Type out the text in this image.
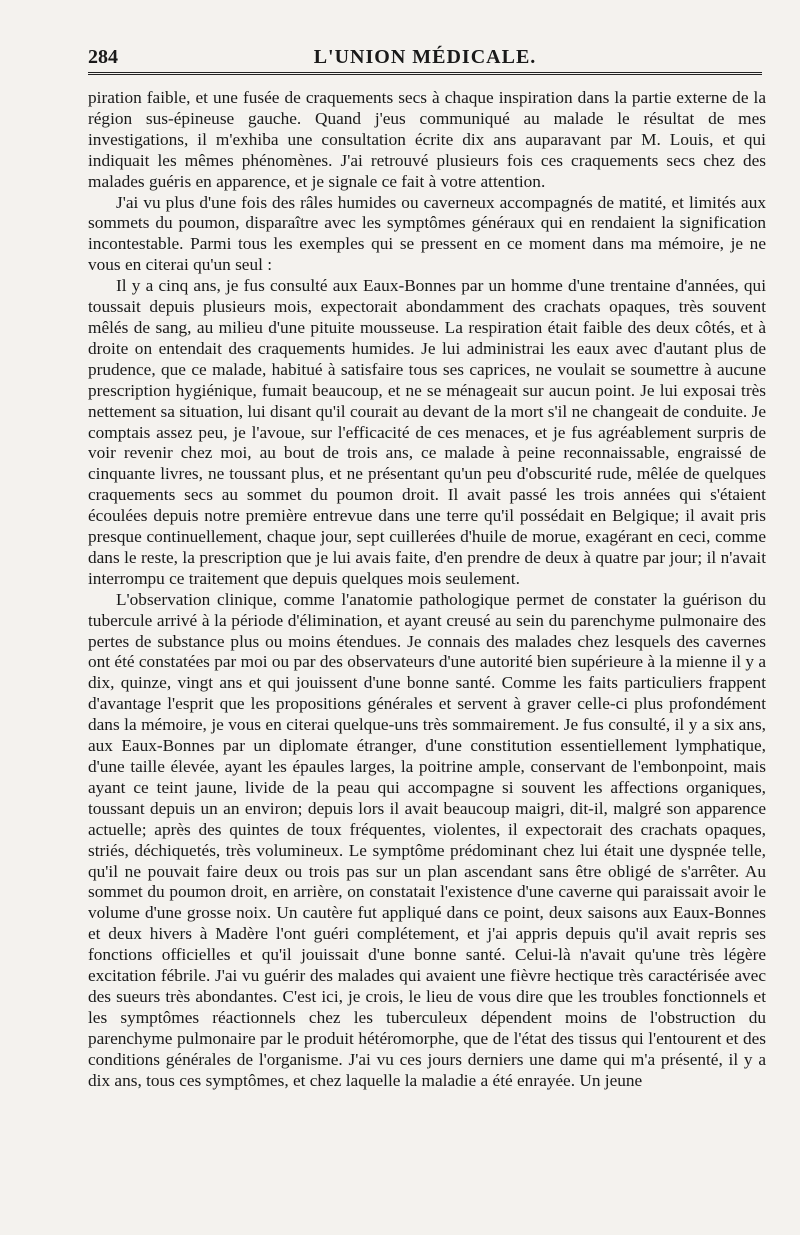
284	L'UNION MÉDICALE.

piration faible, et une fusée de craquements secs à chaque inspiration dans la partie externe de la région sus-épineuse gauche. Quand j'eus communiqué au malade le résultat de mes investigations, il m'exhiba une consultation écrite dix ans auparavant par M. Louis, et qui indiquait les mêmes phénomènes. J'ai retrouvé plusieurs fois ces craquements secs chez des malades guéris en apparence, et je signale ce fait à votre attention.

J'ai vu plus d'une fois des râles humides ou caverneux accompagnés de matité, et limités aux sommets du poumon, disparaître avec les symptômes généraux qui en rendaient la signification incontestable. Parmi tous les exemples qui se pressent en ce moment dans ma mémoire, je ne vous en citerai qu'un seul :

Il y a cinq ans, je fus consulté aux Eaux-Bonnes par un homme d'une trentaine d'années, qui toussait depuis plusieurs mois, expectorait abondamment des crachats opaques, très souvent mêlés de sang, au milieu d'une pituite mousseuse. La respiration était faible des deux côtés, et à droite on entendait des craquements humides. Je lui administrai les eaux avec d'autant plus de prudence, que ce malade, habitué à satisfaire tous ses caprices, ne voulait se soumettre à aucune prescription hygiénique, fumait beaucoup, et ne se ménageait sur aucun point. Je lui exposai très nettement sa situation, lui disant qu'il courait au devant de la mort s'il ne changeait de conduite. Je comptais assez peu, je l'avoue, sur l'efficacité de ces menaces, et je fus agréablement surpris de voir revenir chez moi, au bout de trois ans, ce malade à peine reconnaissable, engraissé de cinquante livres, ne toussant plus, et ne présentant qu'un peu d'obscurité rude, mêlée de quelques craquements secs au sommet du poumon droit. Il avait passé les trois années qui s'étaient écoulées depuis notre première entrevue dans une terre qu'il possédait en Belgique; il avait pris presque continuellement, chaque jour, sept cuillerées d'huile de morue, exagérant en ceci, comme dans le reste, la prescription que je lui avais faite, d'en prendre de deux à quatre par jour; il n'avait interrompu ce traitement que depuis quelques mois seulement.

L'observation clinique, comme l'anatomie pathologique permet de constater la guérison du tubercule arrivé à la période d'élimination, et ayant creusé au sein du parenchyme pulmonaire des pertes de substance plus ou moins étendues. Je connais des malades chez lesquels des cavernes ont été constatées par moi ou par des observateurs d'une autorité bien supérieure à la mienne il y a dix, quinze, vingt ans et qui jouissent d'une bonne santé. Comme les faits particuliers frappent d'avantage l'esprit que les propositions générales et servent à graver celle-ci plus profondément dans la mémoire, je vous en citerai quelque-uns très sommairement. Je fus consulté, il y a six ans, aux Eaux-Bonnes par un diplomate étranger, d'une constitution essentiellement lymphatique, d'une taille élevée, ayant les épaules larges, la poitrine ample, conservant de l'embonpoint, mais ayant ce teint jaune, livide de la peau qui accompagne si souvent les affections organiques, toussant depuis un an environ; depuis lors il avait beaucoup maigri, dit-il, malgré son apparence actuelle; après des quintes de toux fréquentes, violentes, il expectorait des crachats opaques, striés, déchiquetés, très volumineux. Le symptôme prédominant chez lui était une dyspnée telle, qu'il ne pouvait faire deux ou trois pas sur un plan ascendant sans être obligé de s'arrêter. Au sommet du poumon droit, en arrière, on constatait l'existence d'une caverne qui paraissait avoir le volume d'une grosse noix. Un cautère fut appliqué dans ce point, deux saisons aux Eaux-Bonnes et deux hivers à Madère l'ont guéri complétement, et j'ai appris depuis qu'il avait repris ses fonctions officielles et qu'il jouissait d'une bonne santé. Celui-là n'avait qu'une très légère excitation fébrile. J'ai vu guérir des malades qui avaient une fièvre hectique très caractérisée avec des sueurs très abondantes. C'est ici, je crois, le lieu de vous dire que les troubles fonctionnels et les symptômes réactionnels chez les tuberculeux dépendent moins de l'obstruction du parenchyme pulmonaire par le produit hétéromorphe, que de l'état des tissus qui l'entourent et des conditions générales de l'organisme. J'ai vu ces jours derniers une dame qui m'a présenté, il y a dix ans, tous ces symptômes, et chez laquelle la maladie a été enrayée. Un jeune
